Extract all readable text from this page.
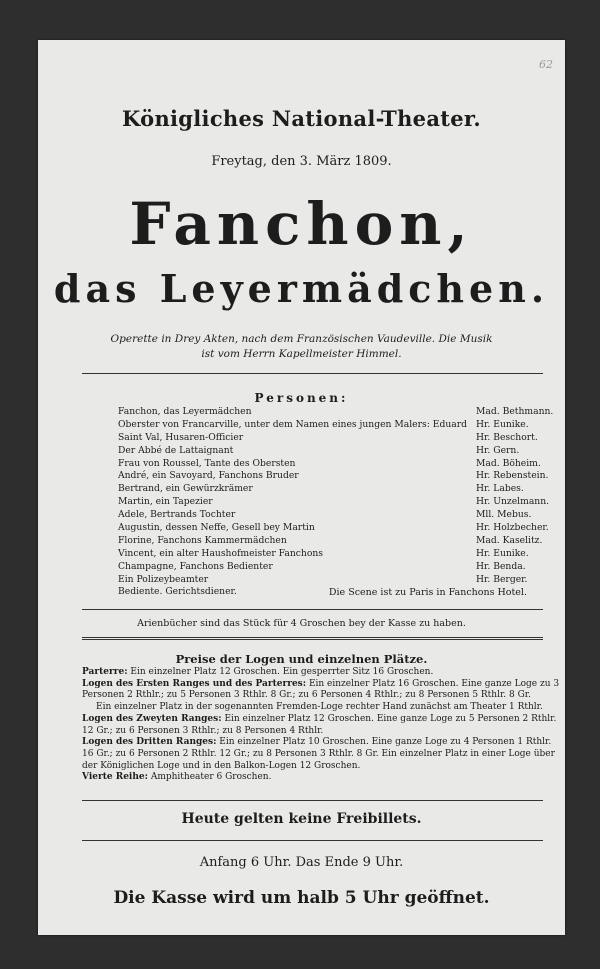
62
Königliches National-Theater.
Freytag, den 3. März 1809.
Fanchon,
das Leyermädchen.
Operette in Drey Akten, nach dem Französischen Vaudeville. Die Musik
ist vom Herrn Kapellmeister Himmel.
Personen:
Fanchon, das Leyermädchen	Mad. Bethmann.
Oberster von Francarville, unter dem Namen eines jungen Malers: Eduard Hr. Eunike.
Saint Val, Husaren-Officier	Hr. Beschort.
Der Abbé de Lattaignant	Hr. Gern.
Frau von Roussel, Tante des Obersten	Mad. Böheim.
André, ein Savoyard, Fanchons Bruder	Hr. Rebenstein.
Bertrand, ein Gewürzkrämer	Hr. Labes.
Martin, ein Tapezier	Hr. Unzelmann.
Adele, Bertrands Tochter	Mll. Mebus.
Augustin, dessen Neffe, Gesell bey Martin	Hr. Holzbecher.
Florine, Fanchons Kammermädchen	Mad. Kaselitz.
Vincent, ein alter Haushofmeister Fanchons	Hr. Eunike.
Champagne, Fanchons Bedienter	Hr. Benda.
Ein Polizeybeamter	Hr. Berger.
Bediente. Gerichtsdiener.	Die Scene ist zu Paris in Fanchons Hotel.
Arienbücher sind das Stück für 4 Groschen bey der Kasse zu haben.
Preise der Logen und einzelnen Plätze.

Parterre: Ein einzelner Platz 12 Groschen. Ein gesperrter Sitz 16 Groschen.

Logen des Ersten Ranges und des Parterres: Ein einzelner Platz 16 Groschen. Eine ganze Loge zu 3 Personen 2 Rthlr.; zu 5 Personen 3 Rthlr. 8 Gr.; zu 6 Personen 4 Rthlr.; zu 8 Personen 5 Rthlr. 8 Gr.

Ein einzelner Platz in der sogenannten Fremden-Loge rechter Hand zunächst am Theater 1 Rthlr.

Logen des Zweyten Ranges: Ein einzelner Platz 12 Groschen. Eine ganze Loge zu 5 Personen 2 Rthlr. 12 Gr.; zu 6 Personen 3 Rthlr.; zu 8 Personen 4 Rthlr.

Logen des Dritten Ranges: Ein einzelner Platz 10 Groschen. Eine ganze Loge zu 4 Personen 1 Rthlr. 16 Gr.; zu 6 Personen 2 Rthlr. 12 Gr.; zu 8 Personen 3 Rthlr. 8 Gr. Ein einzelner Platz in einer Loge über der Königlichen Loge und in den Balkon-Logen 12 Groschen.

Vierte Reihe: Amphitheater 6 Groschen.

Heute gelten keine Freibillets.
Anfang 6 Uhr. Das Ende 9 Uhr.
Die Kasse wird um halb 5 Uhr geöffnet.
